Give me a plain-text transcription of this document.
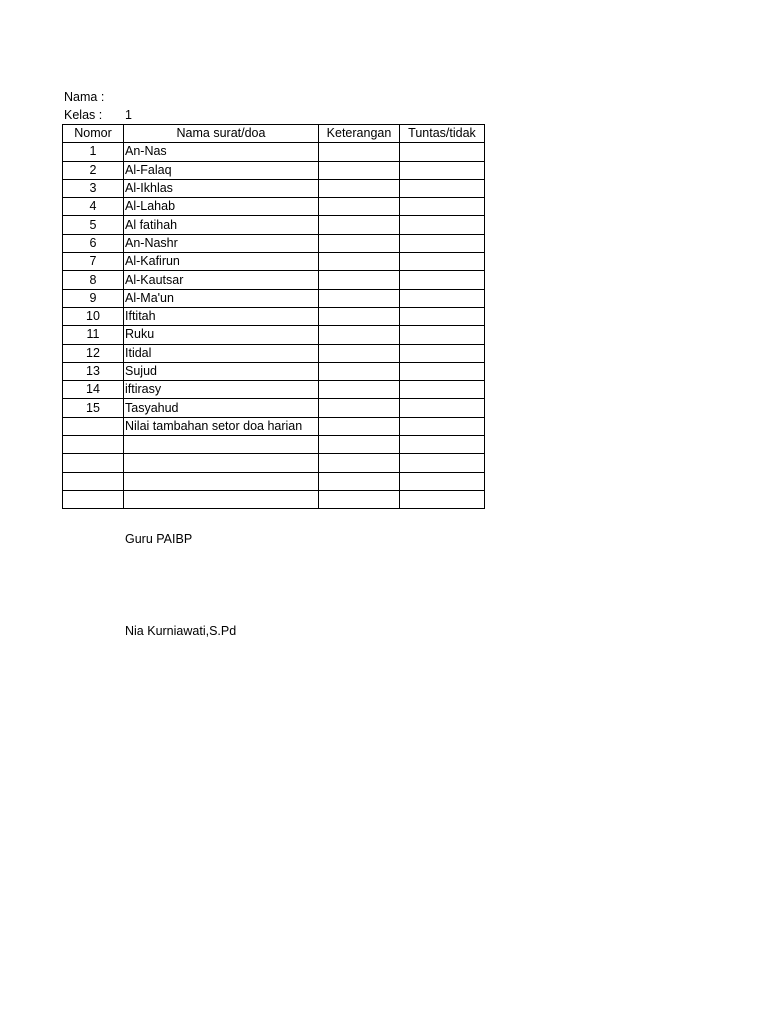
Nama :
Kelas : 1
Nomor	Nama surat/doa	Keterangan	Tuntas/tidak
1	An-Nas		
2	Al-Falaq		
3	Al-Ikhlas		
4	Al-Lahab		
5	Al fatihah		
6	An-Nashr		
7	Al-Kafirun		
8	Al-Kautsar		
9	Al-Ma'un		
10	Iftitah		
11	Ruku		
12	Itidal		
13	Sujud		
14	iftirasy		
15	Tasyahud		
	Nilai tambahan setor doa harian		

Guru PAIBP
Nia Kurniawati,S.Pd
